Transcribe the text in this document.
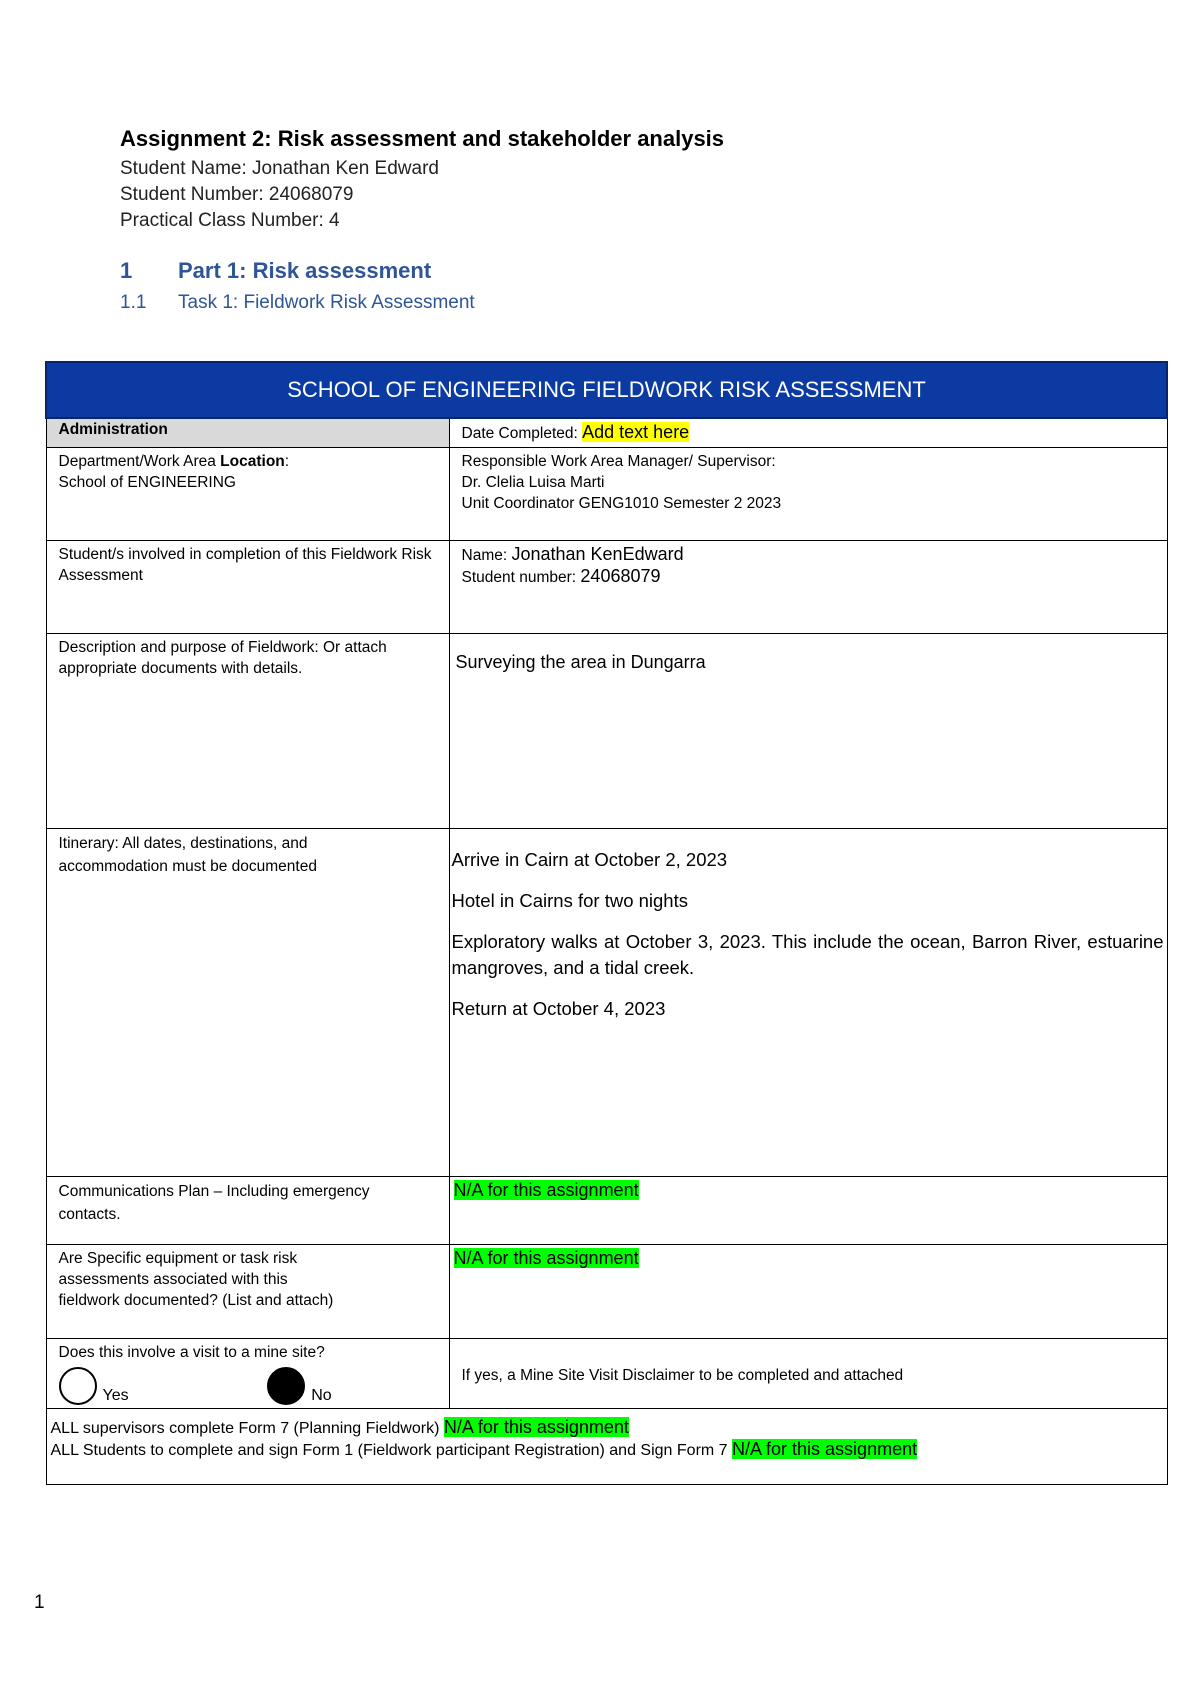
Assignment 2: Risk assessment and stakeholder analysis
Student Name: Jonathan Ken Edward
Student Number: 24068079
Practical Class Number: 4
1 Part 1: Risk assessment
1.1 Task 1: Fieldwork Risk Assessment
SCHOOL OF ENGINEERING FIELDWORK RISK ASSESSMENT	
Administration	Date Completed: Add text here

Department/Work Area Location:
School of ENGINEERING	Responsible Work Area Manager/ Supervisor:
Dr. Clelia Luisa Marti
Unit Coordinator GENG1010 Semester 2 2023

Student/s involved in completion of this Fieldwork Risk Assessment	Name: Jonathan KenEdward
Student number: 24068079

Description and purpose of Fieldwork: Or attach appropriate documents with details.	Surveying the area in Dungarra
Itinerary: All dates, destinations, and accommodation must be documented	Arrive in Cairn at October 2, 2023

Hotel in Cairns for two nights

Exploratory walks at October 3, 2023. This include the ocean, Barron River, estuarine mangroves, and a tidal creek.

Return at October 4, 2023

Communications Plan – Including emergency contacts.	N/A for this assignment
Are Specific equipment or task risk assessments associated with this fieldwork documented? (List and attach)	N/A for this assignment

Does this involve a visit to a mine site?
Yes No	If yes, a Mine Site Visit Disclaimer to be completed and attached

ALL supervisors complete Form 7 (Planning Fieldwork) N/A for this assignment
ALL Students to complete and sign Form 1 (Fieldwork participant Registration) and Sign Form 7 N/A for this assignment	
1
